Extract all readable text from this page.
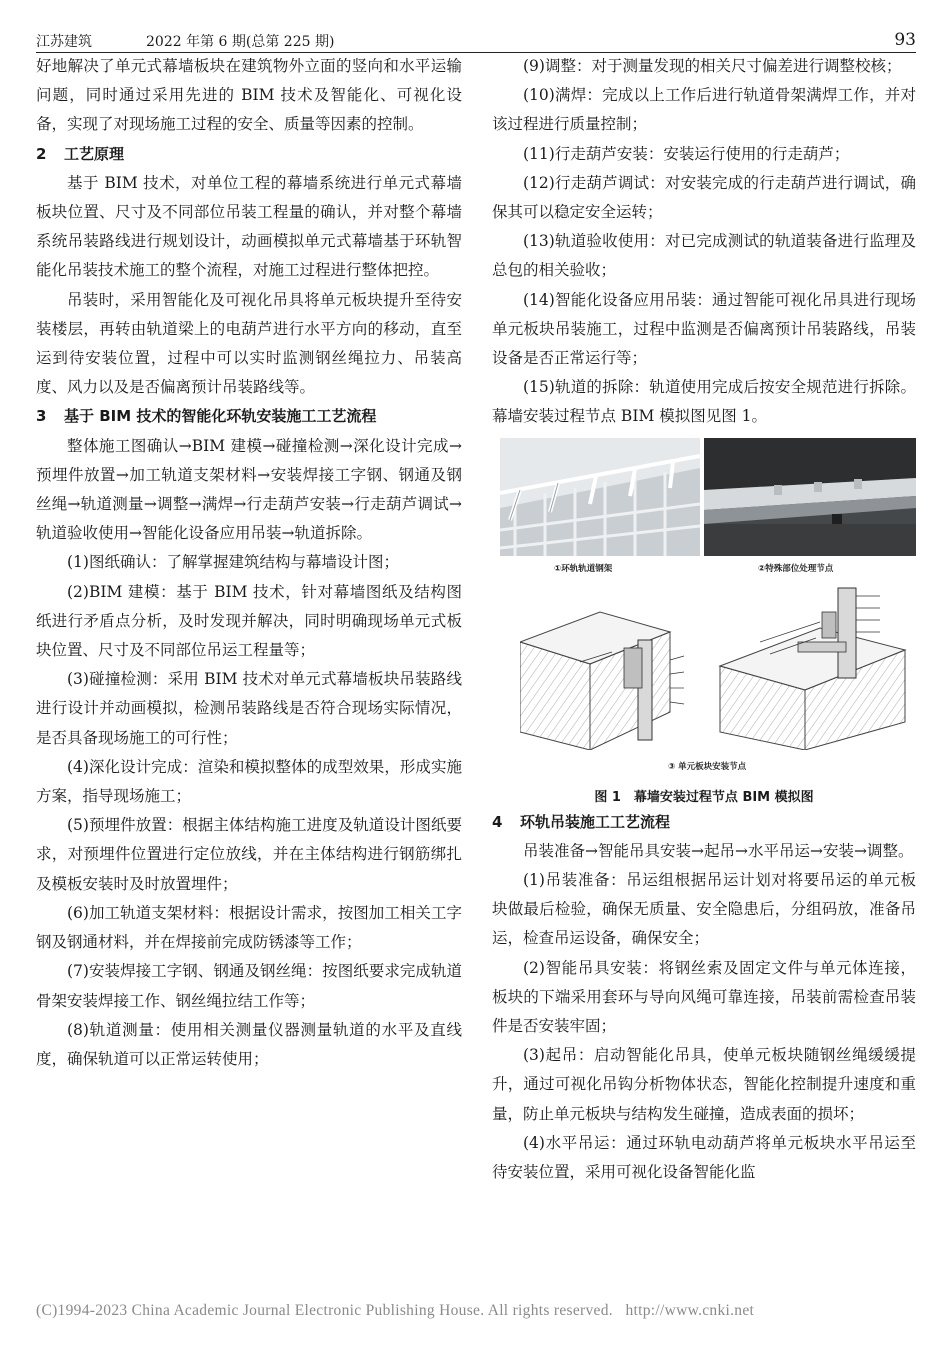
江苏建筑	2022 年第 6 期(总第 225 期)	93

好地解决了单元式幕墙板块在建筑物外立面的竖向和水平运输问题，同时通过采用先进的 BIM 技术及智能化、可视化设备，实现了对现场施工过程的安全、质量等因素的控制。

2 工艺原理

基于 BIM 技术，对单位工程的幕墙系统进行单元式幕墙板块位置、尺寸及不同部位吊装工程量的确认，并对整个幕墙系统吊装路线进行规划设计，动画模拟单元式幕墙基于环轨智能化吊装技术施工的整个流程，对施工过程进行整体把控。

吊装时，采用智能化及可视化吊具将单元板块提升至待安装楼层，再转由轨道梁上的电葫芦进行水平方向的移动，直至运到待安装位置，过程中可以实时监测钢丝绳拉力、吊装高度、风力以及是否偏离预计吊装路线等。

3 基于 BIM 技术的智能化环轨安装施工工艺流程

整体施工图确认→BIM 建模→碰撞检测→深化设计完成→预埋件放置→加工轨道支架材料→安装焊接工字钢、钢通及钢丝绳→轨道测量→调整→满焊→行走葫芦安装→行走葫芦调试→轨道验收使用→智能化设备应用吊装→轨道拆除。

(1)图纸确认：了解掌握建筑结构与幕墙设计图；

(2)BIM 建模：基于 BIM 技术，针对幕墙图纸及结构图纸进行矛盾点分析，及时发现并解决，同时明确现场单元式板块位置、尺寸及不同部位吊运工程量等；

(3)碰撞检测：采用 BIM 技术对单元式幕墙板块吊装路线进行设计并动画模拟，检测吊装路线是否符合现场实际情况，是否具备现场施工的可行性；

(4)深化设计完成：渲染和模拟整体的成型效果，形成实施方案，指导现场施工；

(5)预埋件放置：根据主体结构施工进度及轨道设计图纸要求，对预埋件位置进行定位放线，并在主体结构进行钢筋绑扎及模板安装时及时放置埋件；

(6)加工轨道支架材料：根据设计需求，按图加工相关工字钢及钢通材料，并在焊接前完成防锈漆等工作；

(7)安装焊接工字钢、钢通及钢丝绳：按图纸要求完成轨道骨架安装焊接工作、钢丝绳拉结工作等；

(8)轨道测量：使用相关测量仪器测量轨道的水平及直线度，确保轨道可以正常运转使用；

(9)调整：对于测量发现的相关尺寸偏差进行调整校核；

(10)满焊：完成以上工作后进行轨道骨架满焊工作，并对该过程进行质量控制；

(11)行走葫芦安装：安装运行使用的行走葫芦；

(12)行走葫芦调试：对安装完成的行走葫芦进行调试，确保其可以稳定安全运转；

(13)轨道验收使用：对已完成测试的轨道装备进行监理及总包的相关验收；

(14)智能化设备应用吊装：通过智能可视化吊具进行现场单元板块吊装施工，过程中监测是否偏离预计吊装路线，吊装设备是否正常运行等；

(15)轨道的拆除：轨道使用完成后按安全规范进行拆除。幕墙安装过程节点 BIM 模拟图见图 1。

①环轨轨道钢架	②特殊部位处理节点
③ 单元板块安装节点
图 1　幕墙安装过程节点 BIM 模拟图
4 环轨吊装施工工艺流程

吊装准备→智能吊具安装→起吊→水平吊运→安装→调整。

(1)吊装准备：吊运组根据吊运计划对将要吊运的单元板块做最后检验，确保无质量、安全隐患后，分组码放，准备吊运，检查吊运设备，确保安全；

(2)智能吊具安装：将钢丝索及固定文件与单元体连接，板块的下端采用套环与导向风绳可靠连接，吊装前需检查吊装件是否安装牢固；

(3)起吊：启动智能化吊具，使单元板块随钢丝绳缓缓提升，通过可视化吊钩分析物体状态，智能化控制提升速度和重量，防止单元板块与结构发生碰撞，造成表面的损坏；

(4)水平吊运：通过环轨电动葫芦将单元板块水平吊运至待安装位置，采用可视化设备智能化监

(C)1994-2023 China Academic Journal Electronic Publishing House. All rights reserved. http://www.cnki.net
